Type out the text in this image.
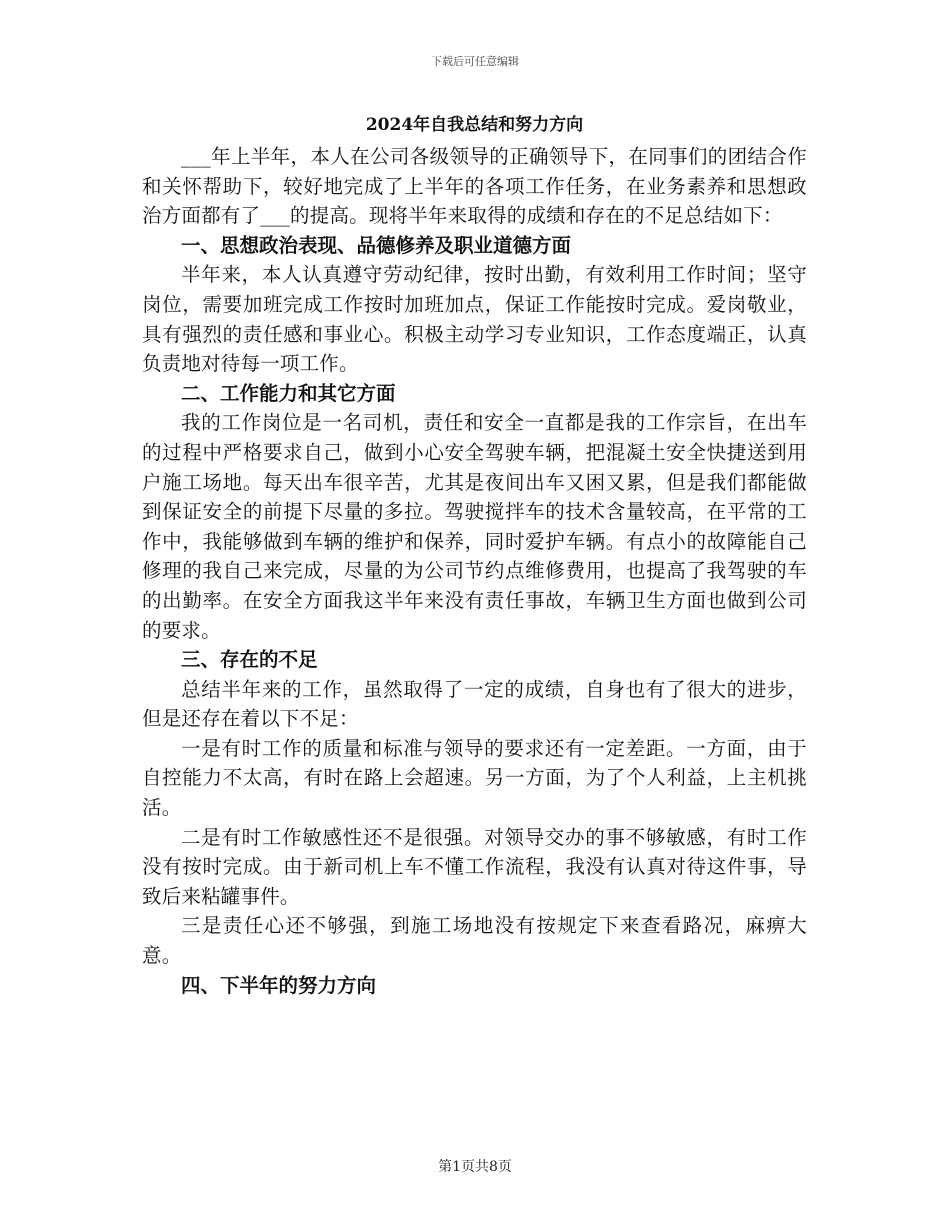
下载后可任意编辑
2024年自我总结和努力方向

___年上半年，本人在公司各级领导的正确领导下，在同事们的团结合作和关怀帮助下，较好地完成了上半年的各项工作任务，在业务素养和思想政治方面都有了___的提高。现将半年来取得的成绩和存在的不足总结如下：

一、思想政治表现、品德修养及职业道德方面

半年来，本人认真遵守劳动纪律，按时出勤，有效利用工作时间；坚守岗位，需要加班完成工作按时加班加点，保证工作能按时完成。爱岗敬业，具有强烈的责任感和事业心。积极主动学习专业知识，工作态度端正，认真负责地对待每一项工作。

二、工作能力和其它方面

我的工作岗位是一名司机，责任和安全一直都是我的工作宗旨，在出车的过程中严格要求自己，做到小心安全驾驶车辆，把混凝土安全快捷送到用户施工场地。每天出车很辛苦，尤其是夜间出车又困又累，但是我们都能做到保证安全的前提下尽量的多拉。驾驶搅拌车的技术含量较高，在平常的工作中，我能够做到车辆的维护和保养，同时爱护车辆。有点小的故障能自己修理的我自己来完成，尽量的为公司节约点维修费用，也提高了我驾驶的车的出勤率。在安全方面我这半年来没有责任事故，车辆卫生方面也做到公司的要求。

三、存在的不足

总结半年来的工作，虽然取得了一定的成绩，自身也有了很大的进步，但是还存在着以下不足：

一是有时工作的质量和标准与领导的要求还有一定差距。一方面，由于自控能力不太高，有时在路上会超速。另一方面，为了个人利益，上主机挑活。

二是有时工作敏感性还不是很强。对领导交办的事不够敏感，有时工作没有按时完成。由于新司机上车不懂工作流程，我没有认真对待这件事，导致后来粘罐事件。

三是责任心还不够强，到施工场地没有按规定下来查看路况，麻痹大意。

四、下半年的努力方向

第1页共8页
